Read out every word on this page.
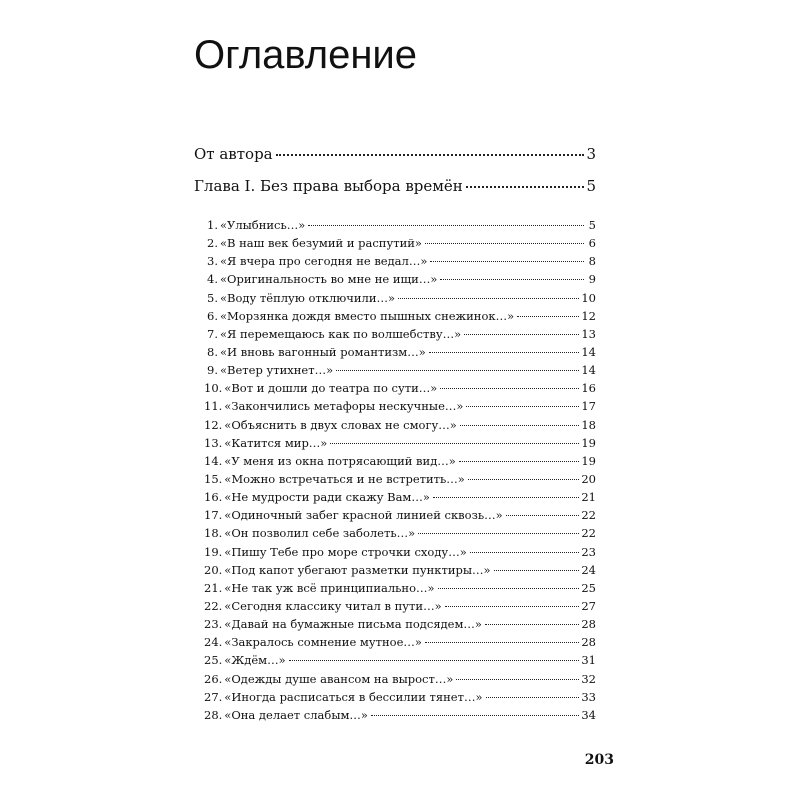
Оглавление
От автора	3
Глава I. Без права выбора времён	5
1. «Улыбнись…»	5
2. «В наш век безумий и распутий»	6
3. «Я вчера про сегодня не ведал…»	8
4. «Оригинальность во мне не ищи…»	9
5. «Воду тёплую отключили…»	10
6. «Морзянка дождя вместо пышных снежинок…»	12
7. «Я перемещаюсь как по волшебству…»	13
8. «И вновь вагонный романтизм…»	14
9. «Ветер утихнет…»	14
10. «Вот и дошли до театра по сути…»	16
11. «Закончились метафоры нескучные…»	17
12. «Объяснить в двух словах не смогу…»	18
13. «Катится мир…»	19
14. «У меня из окна потрясающий вид…»	19
15. «Можно встречаться и не встретить…»	20
16. «Не мудрости ради скажу Вам…»	21
17. «Одиночный забег красной линией сквозь…»	22
18. «Он позволил себе заболеть…»	22
19. «Пишу Тебе про море строчки сходу…»	23
20. «Под капот убегают разметки пунктиры…»	24
21. «Не так уж всё принципиально…»	25
22. «Сегодня классику читал в пути…»	27
23. «Давай на бумажные письма подсядем…»	28
24. «Закралось сомнение мутное…»	28
25. «Ждём…»	31
26. «Одежды душе авансом на вырост…»	32
27. «Иногда расписаться в бессилии тянет…»	33
28. «Она делает слабым…»	34
203
